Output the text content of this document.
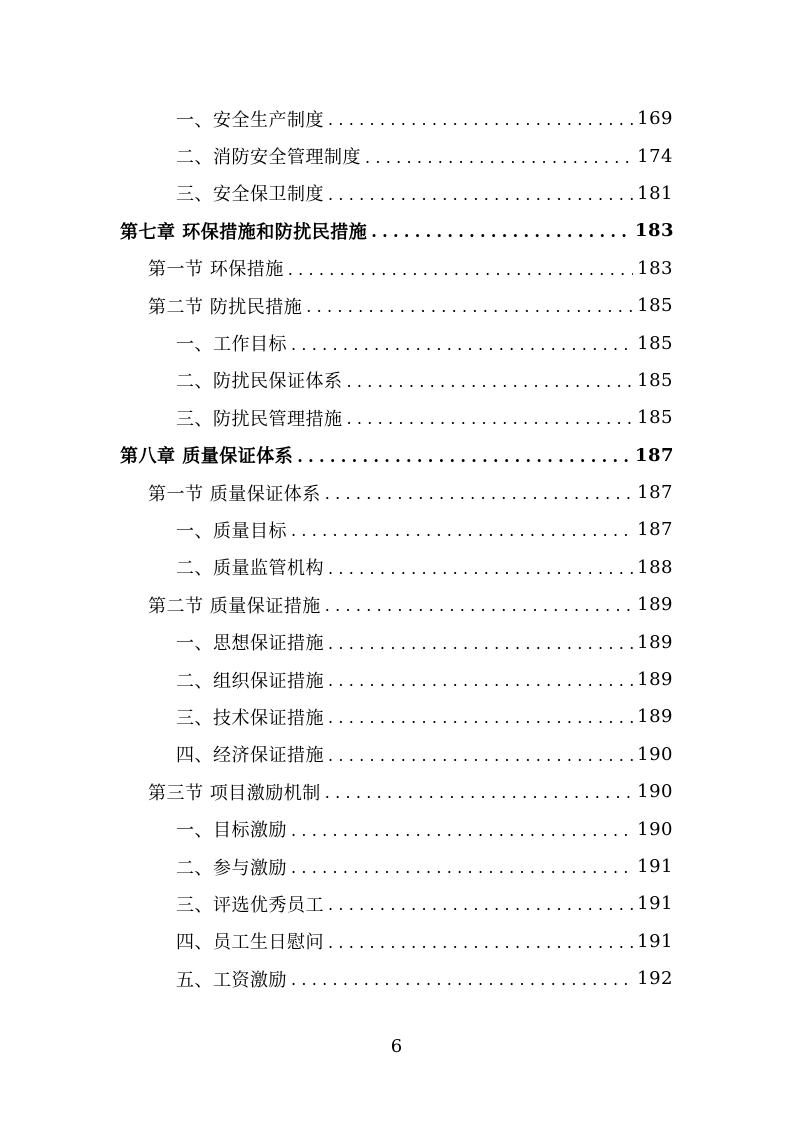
一、安全生产制度 .....	169
二、消防安全管理制度 .....	174
三、安全保卫制度 .....	181
第七章 环保措施和防扰民措施 .....	183
第一节 环保措施 .....	183
第二节 防扰民措施 .....	185
一、工作目标 .....	185
二、防扰民保证体系 .....	185
三、防扰民管理措施 .....	185
第八章 质量保证体系 .....	187
第一节 质量保证体系 .....	187
一、质量目标 .....	187
二、质量监管机构 .....	188
第二节 质量保证措施 .....	189
一、思想保证措施 .....	189
二、组织保证措施 .....	189
三、技术保证措施 .....	189
四、经济保证措施 .....	190
第三节 项目激励机制 .....	190
一、目标激励 .....	190
二、参与激励 .....	191
三、评选优秀员工 .....	191
四、员工生日慰问 .....	191
五、工资激励 .....	192
6
